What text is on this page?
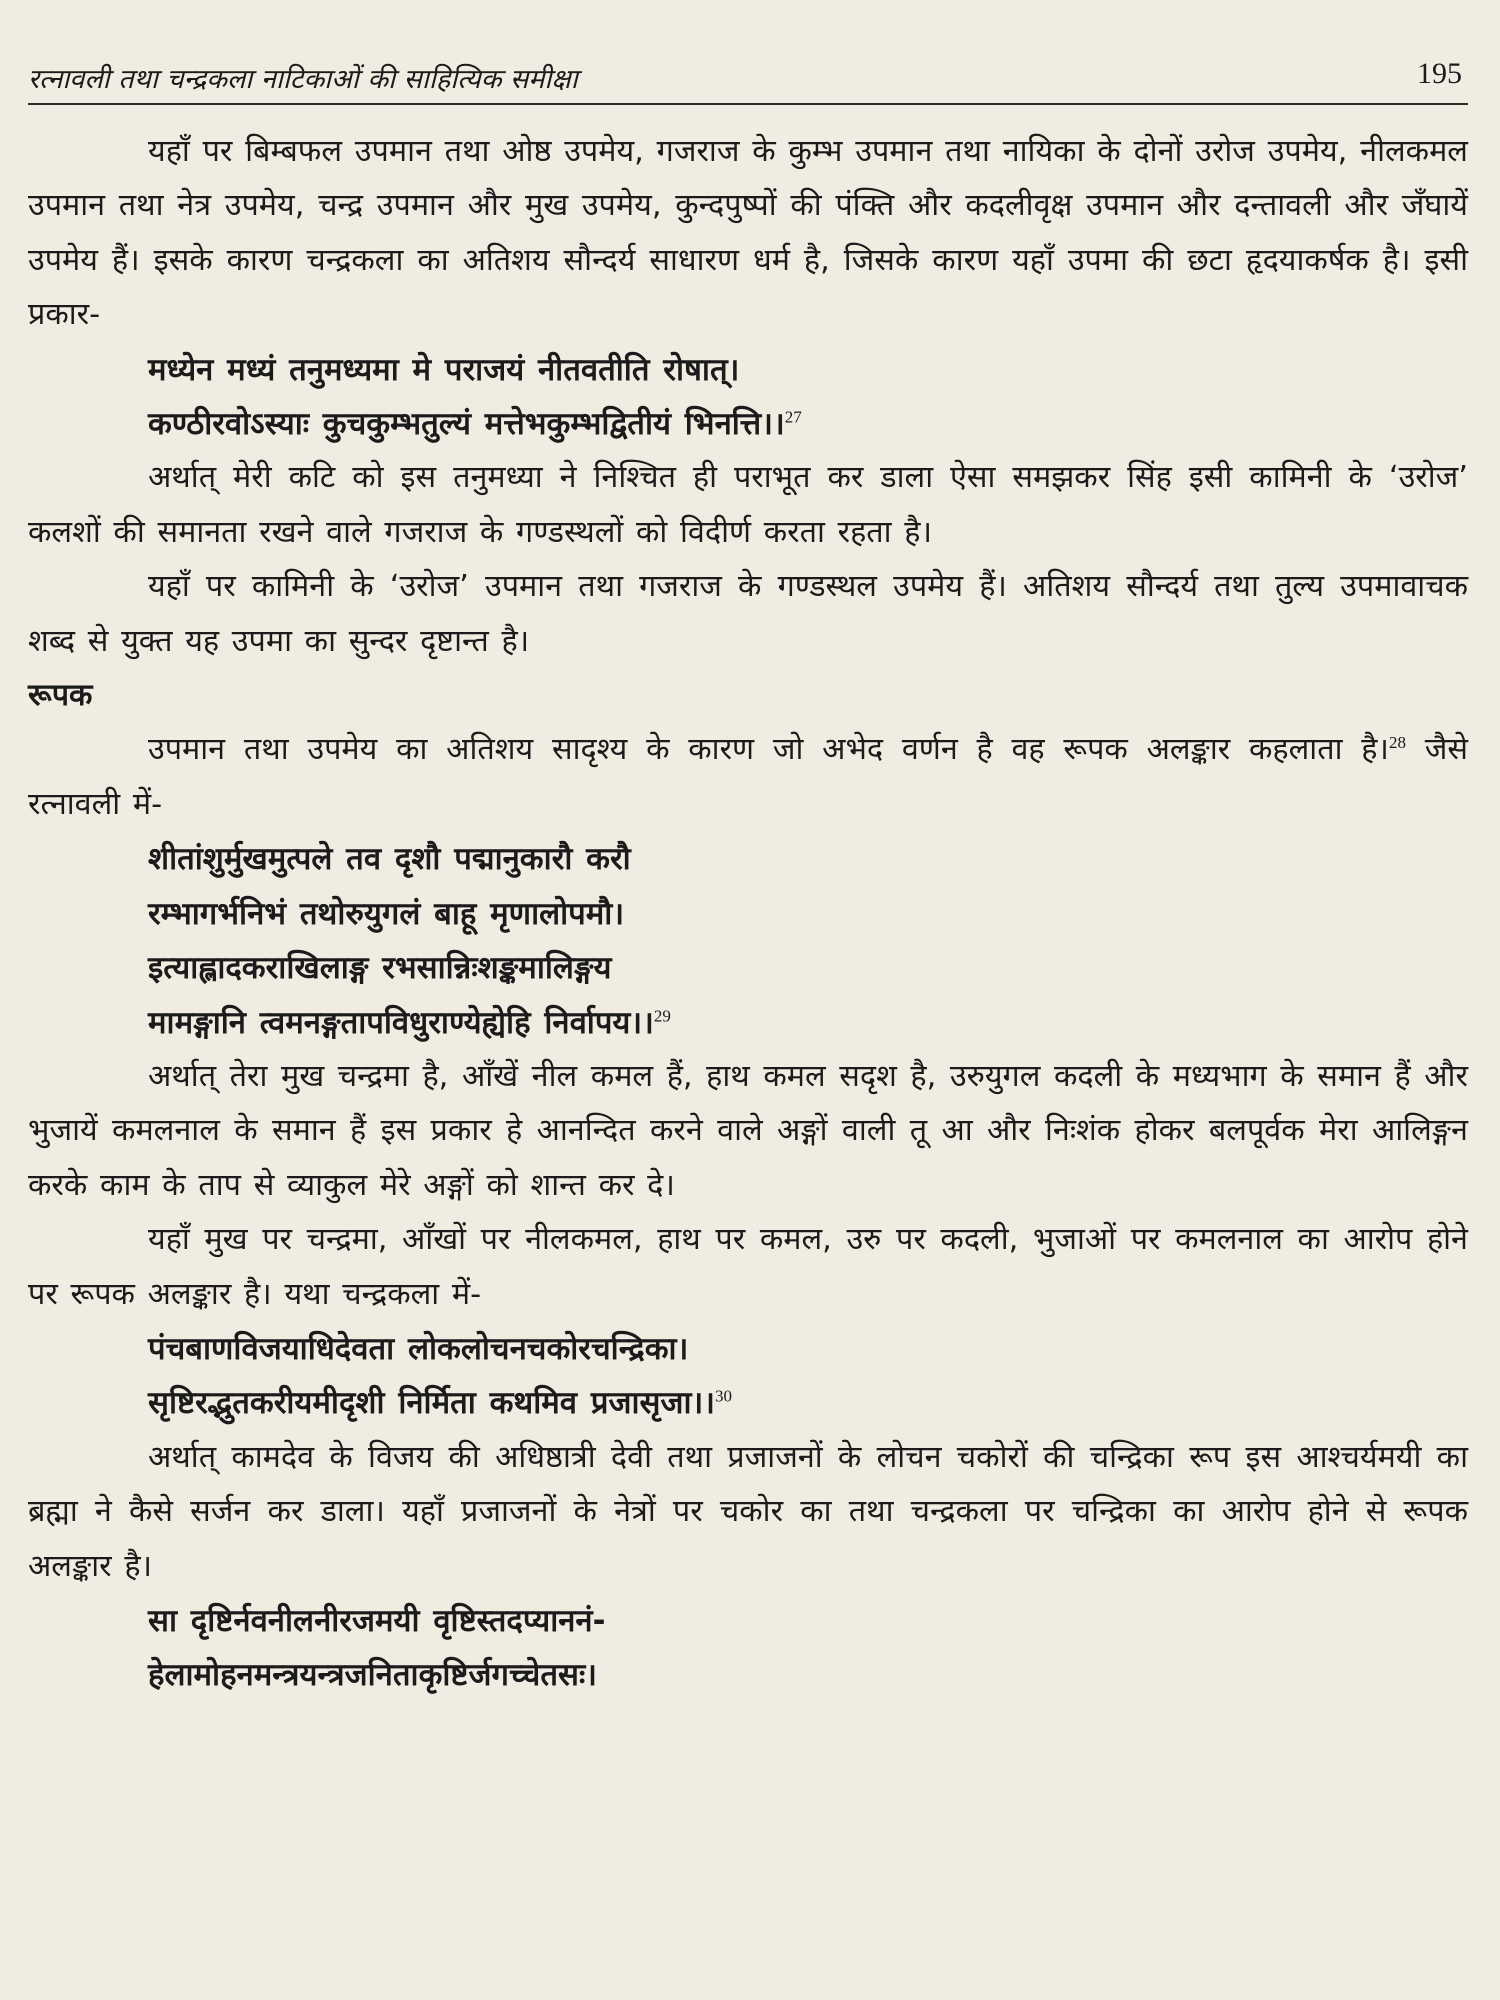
रत्नावली तथा चन्द्रकला नाटिकाओं की साहित्यिक समीक्षा	195

यहाँ पर बिम्बफल उपमान तथा ओष्ठ उपमेय, गजराज के कुम्भ उपमान तथा नायिका के दोनों उरोज उपमेय, नीलकमल उपमान तथा नेत्र उपमेय, चन्द्र उपमान और मुख उपमेय, कुन्दपुष्पों की पंक्ति और कदलीवृक्ष उपमान और दन्तावली और जँघायें उपमेय हैं। इसके कारण चन्द्रकला का अतिशय सौन्दर्य साधारण धर्म है, जिसके कारण यहाँ उपमा की छटा हृदयाकर्षक है। इसी प्रकार-

मध्येन मध्यं तनुमध्यमा मे पराजयं नीतवतीति रोषात्।
कण्ठीरवोऽस्याः कुचकुम्भतुल्यं मत्तेभकुम्भद्वितीयं भिनत्ति।।$^{27}$

अर्थात् मेरी कटि को इस तनुमध्या ने निश्चित ही पराभूत कर डाला ऐसा समझकर सिंह इसी कामिनी के ‘उरोज’ कलशों की समानता रखने वाले गजराज के गण्डस्थलों को विदीर्ण करता रहता है।

यहाँ पर कामिनी के ‘उरोज’ उपमान तथा गजराज के गण्डस्थल उपमेय हैं। अतिशय सौन्दर्य तथा तुल्य उपमावाचक शब्द से युक्त यह उपमा का सुन्दर दृष्टान्त है।

रूपक

उपमान तथा उपमेय का अतिशय सादृश्य के कारण जो अभेद वर्णन है वह रूपक अलङ्कार कहलाता है।$^{28}$ जैसे रत्नावली में-

शीतांशुर्मुखमुत्पले तव दृशौ पद्मानुकारौ करौ
रम्भागर्भनिभं तथोरुयुगलं बाहू मृणालोपमौ।
इत्याह्लादकराखिलाङ्ग रभसान्निःशङ्कमालिङ्गय
मामङ्गानि त्वमनङ्गतापविधुराण्येह्येहि निर्वापय।।$^{29}$

अर्थात् तेरा मुख चन्द्रमा है, आँखें नील कमल हैं, हाथ कमल सदृश है, उरुयुगल कदली के मध्यभाग के समान हैं और भुजायें कमलनाल के समान हैं इस प्रकार हे आनन्दित करने वाले अङ्गों वाली तू आ और निःशंक होकर बलपूर्वक मेरा आलिङ्गन करके काम के ताप से व्याकुल मेरे अङ्गों को शान्त कर दे।

यहाँ मुख पर चन्द्रमा, आँखों पर नीलकमल, हाथ पर कमल, उरु पर कदली, भुजाओं पर कमलनाल का आरोप होने पर रूपक अलङ्कार है। यथा चन्द्रकला में-

पंचबाणविजयाधिदेवता लोकलोचनचकोरचन्द्रिका।
सृष्टिरद्भुतकरीयमीदृशी निर्मिता कथमिव प्रजासृजा।।$^{30}$

अर्थात् कामदेव के विजय की अधिष्ठात्री देवी तथा प्रजाजनों के लोचन चकोरों की चन्द्रिका रूप इस आश्चर्यमयी का ब्रह्मा ने कैसे सर्जन कर डाला। यहाँ प्रजाजनों के नेत्रों पर चकोर का तथा चन्द्रकला पर चन्द्रिका का आरोप होने से रूपक अलङ्कार है।

सा दृष्टिर्नवनीलनीरजमयी वृष्टिस्तदप्याननं-
हेलामोहनमन्त्रयन्त्रजनिताकृष्टिर्जगच्चेतसः।
